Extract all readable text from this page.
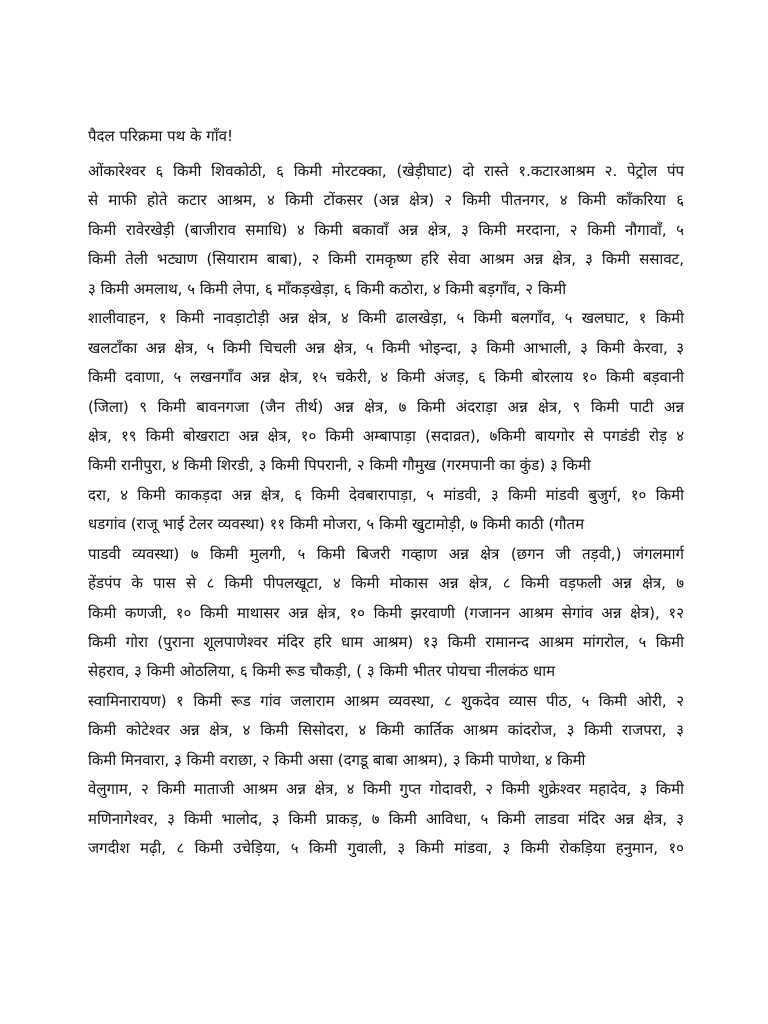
पैदल परिक्रमा पथ के गाँव!
ओंकारेश्वर ६ किमी शिवकोठी, ६ किमी मोरटक्का, (खेड़ीघाट) दो रास्ते १.कटारआश्रम २. पेट्रोल पंप
से माफी होते कटार आश्रम, ४ किमी टोंकसर (अन्न क्षेत्र) २ किमी पीतनगर, ४ किमी काँकरिया ६
किमी रावेरखेड़ी (बाजीराव समाधि) ४ किमी बकावाँ अन्न क्षेत्र, ३ किमी मरदाना, २ किमी नौगावाँ, ५
किमी तेली भट्याण (सियाराम बाबा), २ किमी रामकृष्ण हरि सेवा आश्रम अन्न क्षेत्र, ३ किमी ससावट,
३ किमी अमलाथ, ५ किमी लेपा, ६ माँकड़खेड़ा, ६ किमी कठोरा, ४ किमी बड़गाँव, २ किमी
शालीवाहन, १ किमी नावड़ाटोड़ी अन्न क्षेत्र, ४ किमी ढालखेड़ा, ५ किमी बलगाँव, ५ खलघाट, १ किमी
खलटाँका अन्न क्षेत्र, ५ किमी चिचली अन्न क्षेत्र, ५ किमी भोइन्दा, ३ किमी आभाली, ३ किमी केरवा, ३
किमी दवाणा, ५ लखनगाँव अन्न क्षेत्र, १५ चकेरी, ४ किमी अंजड़, ६ किमी बोरलाय १० किमी बड़वानी
(जिला) ९ किमी बावनगजा (जैन तीर्थ) अन्न क्षेत्र, ७ किमी अंदराड़ा अन्न क्षेत्र, ९ किमी पाटी अन्न
क्षेत्र, १९ किमी बोखराटा अन्न क्षेत्र, १० किमी अम्बापाड़ा (सदाव्रत), ७किमी बायगोर से पगडंडी रोड़ ४
किमी रानीपुरा, ४ किमी शिरडी, ३ किमी पिपरानी, २ किमी गौमुख (गरमपानी का कुंड) ३ किमी
दरा, ४ किमी काकड़दा अन्न क्षेत्र, ६ किमी देवबारापाड़ा, ५ मांडवी, ३ किमी मांडवी बुजुर्ग, १० किमी
धडगांव (राजू भाई टेलर व्यवस्था) ११ किमी मोजरा, ५ किमी खुटामोड़ी, ७ किमी काठी (गौतम
पाडवी व्यवस्था) ७ किमी मुलगी, ५ किमी बिजरी गव्हाण अन्न क्षेत्र (छगन जी तड़वी,) जंगलमार्ग
हेंडपंप के पास से ८ किमी पीपलखूटा, ४ किमी मोकास अन्न क्षेत्र, ८ किमी वड़फली अन्न क्षेत्र, ७
किमी कणजी, १० किमी माथासर अन्न क्षेत्र, १० किमी झरवाणी (गजानन आश्रम सेगांव अन्न क्षेत्र), १२
किमी गोरा (पुराना शूलपाणेश्वर मंदिर हरि धाम आश्रम) १३ किमी रामानन्द आश्रम मांगरोल, ५ किमी
सेहराव, ३ किमी ओठलिया, ६ किमी रूड चौकड़ी, ( ३ किमी भीतर पोयचा नीलकंठ धाम
स्वामिनारायण) १ किमी रूड गांव जलाराम आश्रम व्यवस्था, ८ शुकदेव व्यास पीठ, ५ किमी ओरी, २
किमी कोटेश्वर अन्न क्षेत्र, ४ किमी सिसोदरा, ४ किमी कार्तिक आश्रम कांदरोज, ३ किमी राजपरा, ३
किमी मिनवारा, ३ किमी वराछा, २ किमी असा (दगडू बाबा आश्रम), ३ किमी पाणेथा, ४ किमी
वेलुगाम, २ किमी माताजी आश्रम अन्न क्षेत्र, ४ किमी गुप्त गोदावरी, २ किमी शुक्रेश्वर महादेव, ३ किमी
मणिनागेश्वर, ३ किमी भालोद, ३ किमी प्राकड़, ७ किमी आविधा, ५ किमी लाडवा मंदिर अन्न क्षेत्र, ३
जगदीश मढ़ी, ८ किमी उचेड़िया, ५ किमी गुवाली, ३ किमी मांडवा, ३ किमी रोकड़िया हनुमान, १०
